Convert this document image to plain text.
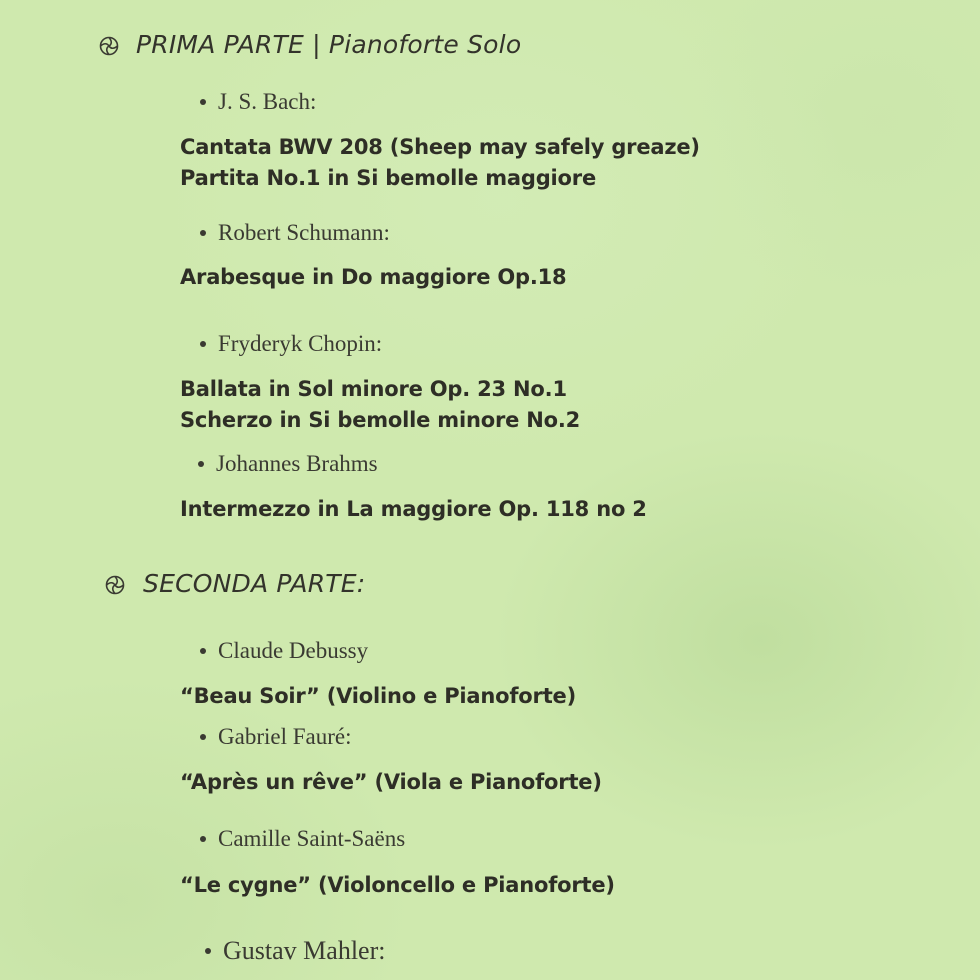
PRIMA PARTE | Pianoforte Solo
J. S. Bach:
Cantata BWV 208 (Sheep may safely greaze)
Partita No.1 in Si bemolle maggiore
Robert Schumann:
Arabesque in Do maggiore Op.18
Fryderyk Chopin:
Ballata in Sol minore Op. 23 No.1
Scherzo in Si bemolle minore No.2
Johannes Brahms
Intermezzo in La maggiore Op. 118 no 2
SECONDA PARTE:
Claude Debussy
“Beau Soir” (Violino e Pianoforte)
Gabriel Fauré:
“Après un rêve” (Viola e Pianoforte)
Camille Saint-Saëns
“Le cygne” (Violoncello e Pianoforte)
Gustav Mahler:
